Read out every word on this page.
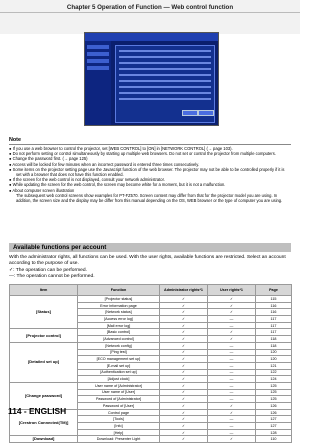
Chapter 5 Operation of Function — Web control function
Note

● If you use a web browser to control the projector, set [WEB CONTROL] to [ON] in [NETWORK CONTROL] (→ page 103).

● Do not perform setting or control simultaneously by starting up multiple web browsers. Do not set or control the projector from multiple computers.

● Change the password first. (→ page 125)

● Access will be locked for few minutes when an incorrect password is entered three times consecutively.

● Some items on the projector setting page use the Javascript function of the web browser. The projector may not be able to be controlled properly if it is set with a browser that does not have this function enabled.

● If the screen for the web control is not displayed, consult your network administrator.

● While updating the screen for the web control, the screen may become white for a moment, but it is not a malfunction.

● About computer screen illustration

The subsequent web control screens show examples for PT-FZ570. Screen content may differ from that for the projector model you are using. In addition, the screen size and the display may be differ from this manual depending on the OS, WEB browser or the type of computer you are using.

Available functions per account

With the administrator rights, all functions can be used. With the user rights, available functions are restricted. Select an account according to the purpose of use.

✓: The operation can be performed.

—: The operation cannot be performed.

Item	Function	Administrator rights*1	User rights*1	Page
[Status]	[Projector status]	✓	✓	115
	Error information page	✓	✓	116
	[Network status]	✓	✓	116
	[Access error log]	✓	—	117
	[Mail error log]	✓	—	117
[Projector control]	[Basic control]	✓	✓	117
	[Advanced control]	✓	✓	118
[Detailed set up]	[Network config]	✓	—	118
	[Ping test]	✓	—	120
	[ECO management set up]	✓	—	120
	[E-mail set up]	✓	—	121
	[Authentication set up]	✓	—	122
	[Adjust clock]	✓	—	124
[Change password]	User name of [Administrator]	✓	—	125
	User name of [User]	✓	—	125
	Password of [Administrator]	✓	—	125
	Password of [User]	✓	✓	126
[Crestron Connected(TM)]	Control page	✓	✓	126
	[Tools]	✓	—	127
	[Info]	✓	—	127
	[Help]	✓	—	128
[Download]	Download: Presenter Light	✓	✓	110
114 - ENGLISH
